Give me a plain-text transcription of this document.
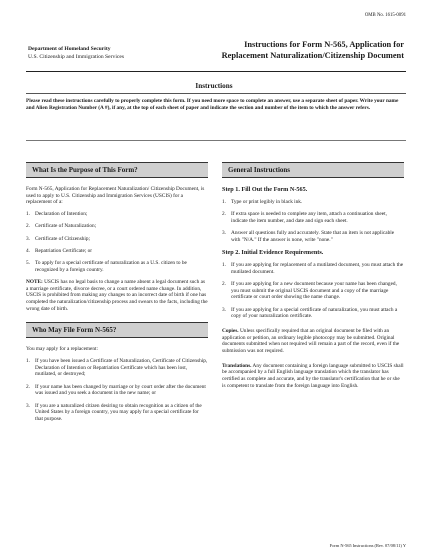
OMB No. 1615-0091
Department of Homeland Security
U.S. Citizenship and Immigration Services
Instructions for Form N-565, Application for
Replacement Naturalization/Citizenship Document
Instructions

Please read these instructions carefully to properly complete this form. If you need more space to complete an answer, use a separate sheet of paper. Write your name and Alien Registration Number (A #), if any, at the top of each sheet of paper and indicate the section and number of the item to which the answer refers.

What Is the Purpose of This Form?

Form N-565, Application for Replacement Naturalization/ Citizenship Document, is used to apply to U.S. Citizenship and Immigration Services (USCIS) for a replacement of a:

1. Declaration of Intention;
2. Certificate of Naturalization;
3. Certificate of Citizenship;
4. Repatriation Certificate; or
5. To apply for a special certificate of naturalization as a U.S. citizen to be recognized by a foreign country.

NOTE: USCIS has no legal basis to change a name absent a legal document such as a marriage certificate, divorce decree, or a court ordered name change. In addition, USCIS is prohibited from making any changes to an incorrect date of birth if one has completed the naturalization/citizenship process and swears to the facts, including the wrong date of birth.

Who May File Form N-565?

You may apply for a replacement:

1. If you have been issued a Certificate of Naturalization, Certificate of Citizenship, Declaration of Intention or Repatriation Certificate which has been lost, mutilated, or destroyed;
2. If your name has been changed by marriage or by court order after the document was issued and you seek a document in the new name; or
3. If you are a naturalized citizen desiring to obtain recognition as a citizen of the United States by a foreign country, you may apply for a special certificate for that purpose.
General Instructions
Step 1. Fill Out the Form N-565.
1. Type or print legibly in black ink.
2. If extra space is needed to complete any item, attach a continuation sheet, indicate the item number, and date and sign each sheet.
3. Answer all questions fully and accurately. State that an item is not applicable with "N/A." If the answer is none, write "none."
Step 2. Initial Evidence Requirements.
1. If you are applying for replacement of a mutilated document, you must attach the mutilated document.
2. If you are applying for a new document because your name has been changed, you must submit the original USCIS document and a copy of the marriage certificate or court order showing the name change.
3. If you are applying for a special certificate of naturalization, you must attach a copy of your naturalization certificate.

Copies. Unless specifically required that an original document be filed with an application or petition, an ordinary legible photocopy may be submitted. Original documents submitted when not required will remain a part of the record, even if the submission was not required.

Translations. Any document containing a foreign language submitted to USCIS shall be accompanied by a full English language translation which the translator has certified as complete and accurate, and by the translator's certification that he or she is competent to translate from the foreign language into English.

Form N-565 Instructions (Rev. 07/08/11) Y
